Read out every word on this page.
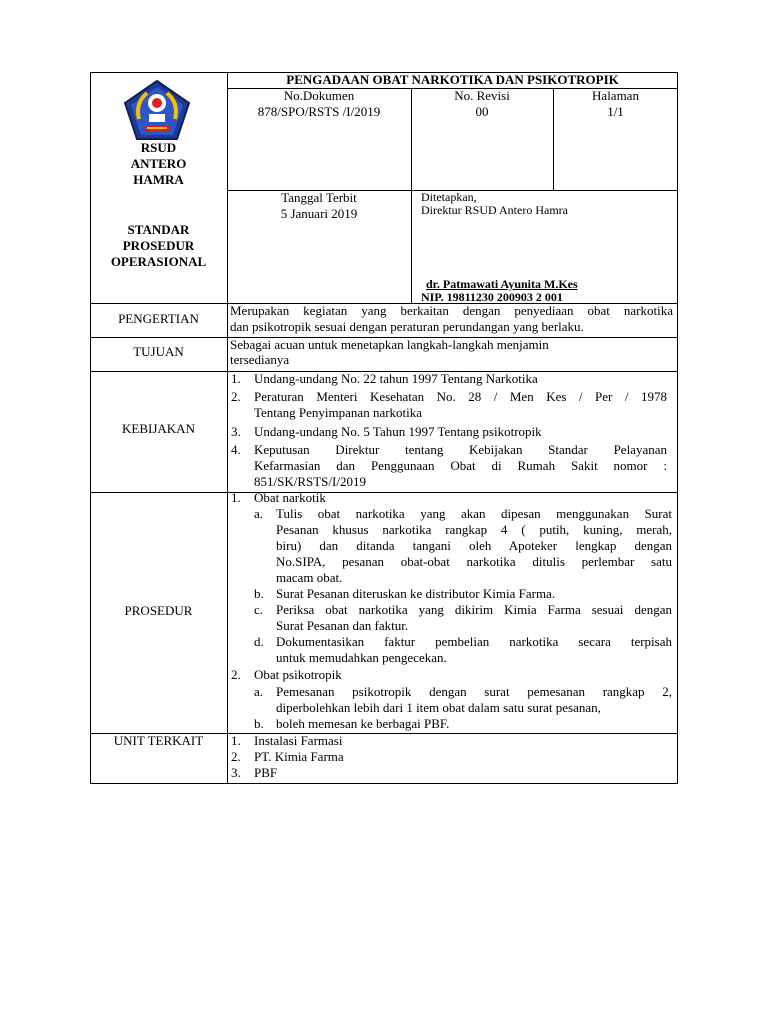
RSUD
ANTERO
HAMRA
PENGADAAN OBAT NARKOTIKA DAN PSIKOTROPIK
No.Dokumen
878/SPO/RSTS /I/2019
No. Revisi
00
Halaman
1/1
STANDAR
PROSEDUR
OPERASIONAL
Tanggal Terbit
5 Januari 2019
Ditetapkan,
Direktur RSUD Antero Hamra
dr. Patmawati Ayunita M.Kes
NIP. 19811230 200903 2 001
PENGERTIAN
Merupakan kegiatan yang berkaitan dengan penyediaan obat narkotika
dan psikotropik sesuai dengan peraturan perundangan yang berlaku.
TUJUAN	Sebagai acuan untuk menetapkan langkah-langkah menjamin
tersedianya
KEBIJAKAN
1. Undang-undang No. 22 tahun 1997 Tentang Narkotika
2. Peraturan Menteri Kesehatan No. 28 / Men Kes / Per / 1978
Tentang Penyimpanan narkotika
3. Undang-undang No. 5 Tahun 1997 Tentang psikotropik
4. Keputusan Direktur tentang Kebijakan Standar Pelayanan
Kefarmasian dan Penggunaan Obat di Rumah Sakit nomor :
851/SK/RSTS/I/2019
PROSEDUR
1. Obat narkotik
a. Tulis obat narkotika yang akan dipesan menggunakan Surat
Pesanan khusus narkotika rangkap 4 ( putih, kuning, merah,
biru) dan ditanda tangani oleh Apoteker lengkap dengan
No.SIPA, pesanan obat-obat narkotika ditulis perlembar satu
macam obat.
b. Surat Pesanan diteruskan ke distributor Kimia Farma.
c. Periksa obat narkotika yang dikirim Kimia Farma sesuai dengan
Surat Pesanan dan faktur.
d. Dokumentasikan faktur pembelian narkotika secara terpisah
untuk memudahkan pengecekan.
2. Obat psikotropik
a. Pemesanan psikotropik dengan surat pemesanan rangkap 2,
diperbolehkan lebih dari 1 item obat dalam satu surat pesanan,
b. boleh memesan ke berbagai PBF.
UNIT TERKAIT	1. Instalasi Farmasi
2. PT. Kimia Farma
3. PBF
